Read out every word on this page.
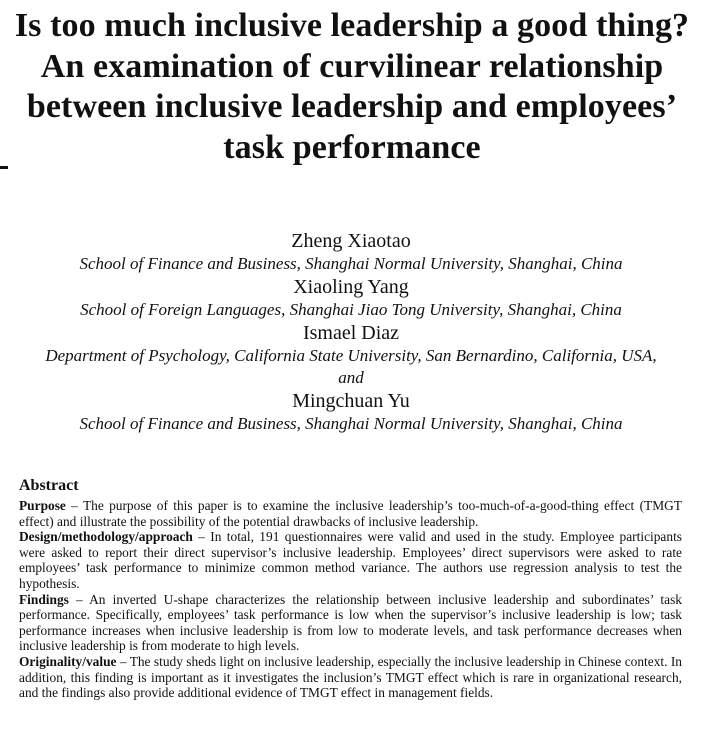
Is too much inclusive leadership a good thing? An examination of curvilinear relationship between inclusive leadership and employees’ task performance
Zheng Xiaotao
School of Finance and Business, Shanghai Normal University, Shanghai, China
Xiaoling Yang
School of Foreign Languages, Shanghai Jiao Tong University, Shanghai, China
Ismael Diaz
Department of Psychology, California State University, San Bernardino, California, USA, and
Mingchuan Yu
School of Finance and Business, Shanghai Normal University, Shanghai, China
Abstract

Purpose – The purpose of this paper is to examine the inclusive leadership’s too-much-of-a-good-thing effect (TMGT effect) and illustrate the possibility of the potential drawbacks of inclusive leadership.

Design/methodology/approach – In total, 191 questionnaires were valid and used in the study. Employee participants were asked to report their direct supervisor’s inclusive leadership. Employees’ direct supervisors were asked to rate employees’ task performance to minimize common method variance. The authors use regression analysis to test the hypothesis.

Findings – An inverted U-shape characterizes the relationship between inclusive leadership and subordinates’ task performance. Specifically, employees’ task performance is low when the supervisor’s inclusive leadership is low; task performance increases when inclusive leadership is from low to moderate levels, and task performance decreases when inclusive leadership is from moderate to high levels.

Originality/value – The study sheds light on inclusive leadership, especially the inclusive leadership in Chinese context. In addition, this finding is important as it investigates the inclusion’s TMGT effect which is rare in organizational research, and the findings also provide additional evidence of TMGT effect in management fields.
